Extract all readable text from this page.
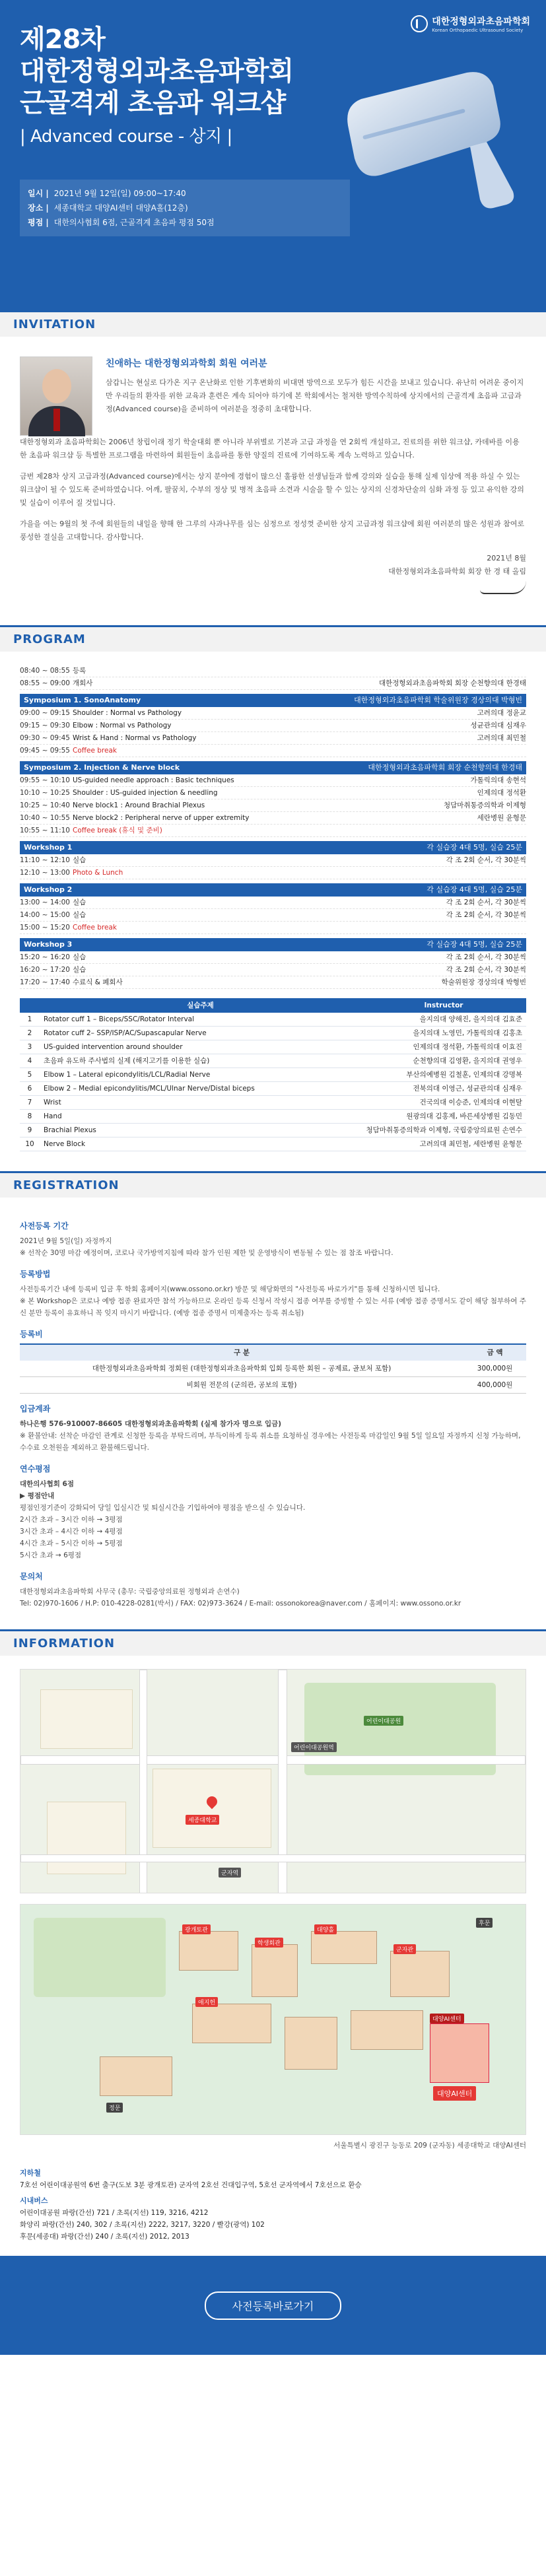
대한정형외과초음파학회
Korean Orthopaedic Ultrasound Society
제28차
대한정형외과초음파학회
근골격계 초음파 워크샵
| Advanced course - 상지 |
일시 | 2021년 9월 12일(일) 09:00~17:40
장소 | 세종대학교 대양AI센터 대양A홀(12층)
평점 | 대한의사협회 6점, 근골격계 초음파 평점 50점
INVITATION
친애하는 대한정형외과학회 회원 여러분

삼갑니는 현실로 다가온 지구 온난화로 인한 기후변화의 비대면 방역으로 모두가 힘든 시간을 보내고 있습니다. 유난히 어려운 중이지만 우리들의 환자를 위한 교육과 훈련은 계속 되어야 하기에 본 학회에서는 철저한 방역수칙하에 상지에서의 근골격계 초음파 고급과정(Advanced course)을 준비하여 여러분을 정중히 초대합니다.

대한정형외과 초음파학회는 2006년 창립이래 정기 학술대회 뿐 아니라 부위별로 기본과 고급 과정을 연 2회씩 개설하고, 진료의를 위한 워크샵, 카데바를 이용한 초음파 워크샵 등 특별한 프로그램을 마련하여 회원들이 초음파를 통한 양질의 진료에 기여하도록 계속 노력하고 있습니다.

금번 제28차 상지 고급과정(Advanced course)에서는 상지 분야에 경험이 많으신 훌륭한 선생님들과 함께 강의와 실습을 통해 실제 임상에 적용 하실 수 있는 워크샵이 될 수 있도록 준비하였습니다. 어깨, 팔꿈치, 수부의 정상 및 병적 초음파 소견과 시술을 할 수 있는 상지의 신경차단술의 심화 과정 등 있고 유익한 강의 및 실습이 이루어 질 것입니다.

가을을 여는 9월의 첫 주에 회원들의 내일을 향해 한 그루의 사과나무를 심는 심정으로 정성껏 준비한 상지 고급과정 워크샵에 회원 여러분의 많은 성원과 참여로 풍성한 결실을 고대합니다. 감사합니다.

2021년 8월
대한정형외과초음파학회 회장 한 경 태 올림
PROGRAM
08:40 ~ 08:55 등록
08:55 ~ 09:00 개회사	대한정형외과초음파학회 회장 순천향의대 한경태
Symposium 1. SonoAnatomy	대한정형외과초음파학회 학술위원장 경상의대 박형빈
09:00 ~ 09:15 Shoulder : Normal vs Pathology	고려의대 정윤교
09:15 ~ 09:30 Elbow : Normal vs Pathology	성균관의대 심재우
09:30 ~ 09:45 Wrist & Hand : Normal vs Pathology	고려의대 최민철
09:45 ~ 09:55 Coffee break
Symposium 2. Injection & Nerve block	대한정형외과초음파학회 회장 순천향의대 한경태
09:55 ~ 10:10 US-guided needle approach : Basic techniques	가톨릭의대 송현석
10:10 ~ 10:25 Shoulder : US-guided injection & needling	인제의대 정석환
10:25 ~ 10:40 Nerve block1 : Around Brachial Plexus	청담마취통증의학과 이제형
10:40 ~ 10:55 Nerve block2 : Peripheral nerve of upper extremity	세란병원 윤형문
10:55 ~ 11:10 Coffee break (휴식 및 준비)
Workshop 1	각 실습장 4대 5명, 실습 25분
11:10 ~ 12:10 실습	각 조 2회 순서, 각 30분씩
12:10 ~ 13:00 Photo & Lunch
Workshop 2	각 실습장 4대 5명, 실습 25분
13:00 ~ 14:00 실습	각 조 2회 순서, 각 30분씩
14:00 ~ 15:00 실습	각 조 2회 순서, 각 30분씩
15:00 ~ 15:20 Coffee break
Workshop 3	각 실습장 4대 5명, 실습 25분
15:20 ~ 16:20 실습	각 조 2회 순서, 각 30분씩
16:20 ~ 17:20 실습	각 조 2회 순서, 각 30분씩
17:20 ~ 17:40 수료식 & 폐회사	학술위원장 경상의대 박형빈
	실습주제	Instructor
1	Rotator cuff 1 – Biceps/SSC/Rotator Interval	을지의대 양해진, 을지의대 김효준
2	Rotator cuff 2– SSP/ISP/AC/Supascapular Nerve	을지의대 노영민, 가톨릭의대 김홍초
3	US-guided intervention around shoulder	인제의대 정석환, 가톨릭의대 이효진
4	초음파 유도하 주사법의 실제 (해지고기를 이용한 실습)	순천향의대 김영환, 을지의대 권영우
5	Elbow 1 – Lateral epicondylitis/LCL/Radial Nerve	부산의예병원 김철훈, 인제의대 강명복
6	Elbow 2 – Medial epicondylitis/MCL/Ulnar Nerve/Distal biceps	전북의대 이영근, 성균관의대 심재우
7	Wrist	건국의대 이승준, 인제의대 이현탈
8	Hand	원광의대 김홍제, 바른세상병원 김동민
9	Brachial Plexus	청담마취통증의학과 이제형, 국립중앙의료원 손연수
10	Nerve Block	고려의대 최민철, 세란병원 윤형문
REGISTRATION
사전등록 기간

2021년 9월 5일(일) 자정까지

※ 선착순 30명 마감 예정이며, 코로나 국가방역지침에 따라 참가 인원 제한 및 운영방식이 변동될 수 있는 점 참조 바랍니다.

등록방법

사전등록기간 내에 등록비 입금 후 학회 홈페이지(www.ossono.or.kr) 방문 및 해당화면의 "사전등록 바로가기"를 통해 신청하시면 됩니다.

※ 본 Workshop은 코로나 예방 접종 완료자만 참석 가능하므로 온라인 등록 신청서 작성시 접종 여부를 증빙할 수 있는 서류 (예방 접종 증명서도 같이 해당 첨부하여 주신 분만 등록이 유효하니 꼭 잊지 마시기 바랍니다. (예방 접종 증명서 미제출자는 등록 취소됨)

등록비
구 분	금 액
대한정형외과초음파학회 정회원 (대한정형외과초음파학회 입회 등록한 회원 – 공제료, 골보처 포함)	300,000원
비회원 전문의 (군의관, 공보의 포함)	400,000원
입금계좌

하나은행 576-910007-86605 대한정형외과초음파학회 (실제 참가자 명으로 입금)

※ 환불안내: 선착순 마감인 관계로 신청한 등록을 부탁드리며, 부득이하게 등록 취소를 요청하실 경우에는 사전등록 마감일인 9월 5일 일요일 자정까지 신청 가능하며, 수수료 오천원을 제외하고 환불해드립니다.

연수평점

대한의사협회 6점

▶ 평점안내

평점인정기준이 강화되어 당일 입실시간 및 퇴실시간을 기입하여야 평점을 받으실 수 있습니다.

2시간 초과 – 3시간 이하 → 3평점

3시간 초과 – 4시간 이하 → 4평점

4시간 초과 – 5시간 이하 → 5평점

5시간 초과 → 6평점

문의처

대한정형외과초음파학회 사무국 (총무: 국립중앙의료원 정형외과 손연수)

Tel: 02)970-1606 / H.P: 010-4228-0281(박서) / FAX: 02)973-3624 / E-mail: ossonokorea@naver.com / 홈페이지: www.ossono.or.kr

INFORMATION
세종대학교
어린이대공원
군자역
어린이대공원역
대양AI센터
광개토관
학생회관
대양홀
군자관
애지헌
정문
후문
대양AI센터
서울특별시 광진구 능동로 209 (군자동) 세종대학교 대양AI센터
지하철
7호선 어린이대공원역 6번 출구(도보 3분 광개토관) 군자역 2호선 건대입구역, 5호선 군자역에서 7호선으로 환승
시내버스
어린이대공원 파랑(간선) 721 / 초록(지선) 119, 3216, 4212
화양리 파랑(간선) 240, 302 / 초록(지선) 2222, 3217, 3220 / 빨강(광역) 102
후문(세종대) 파랑(간선) 240 / 초록(지선) 2012, 2013
사전등록바로가기
